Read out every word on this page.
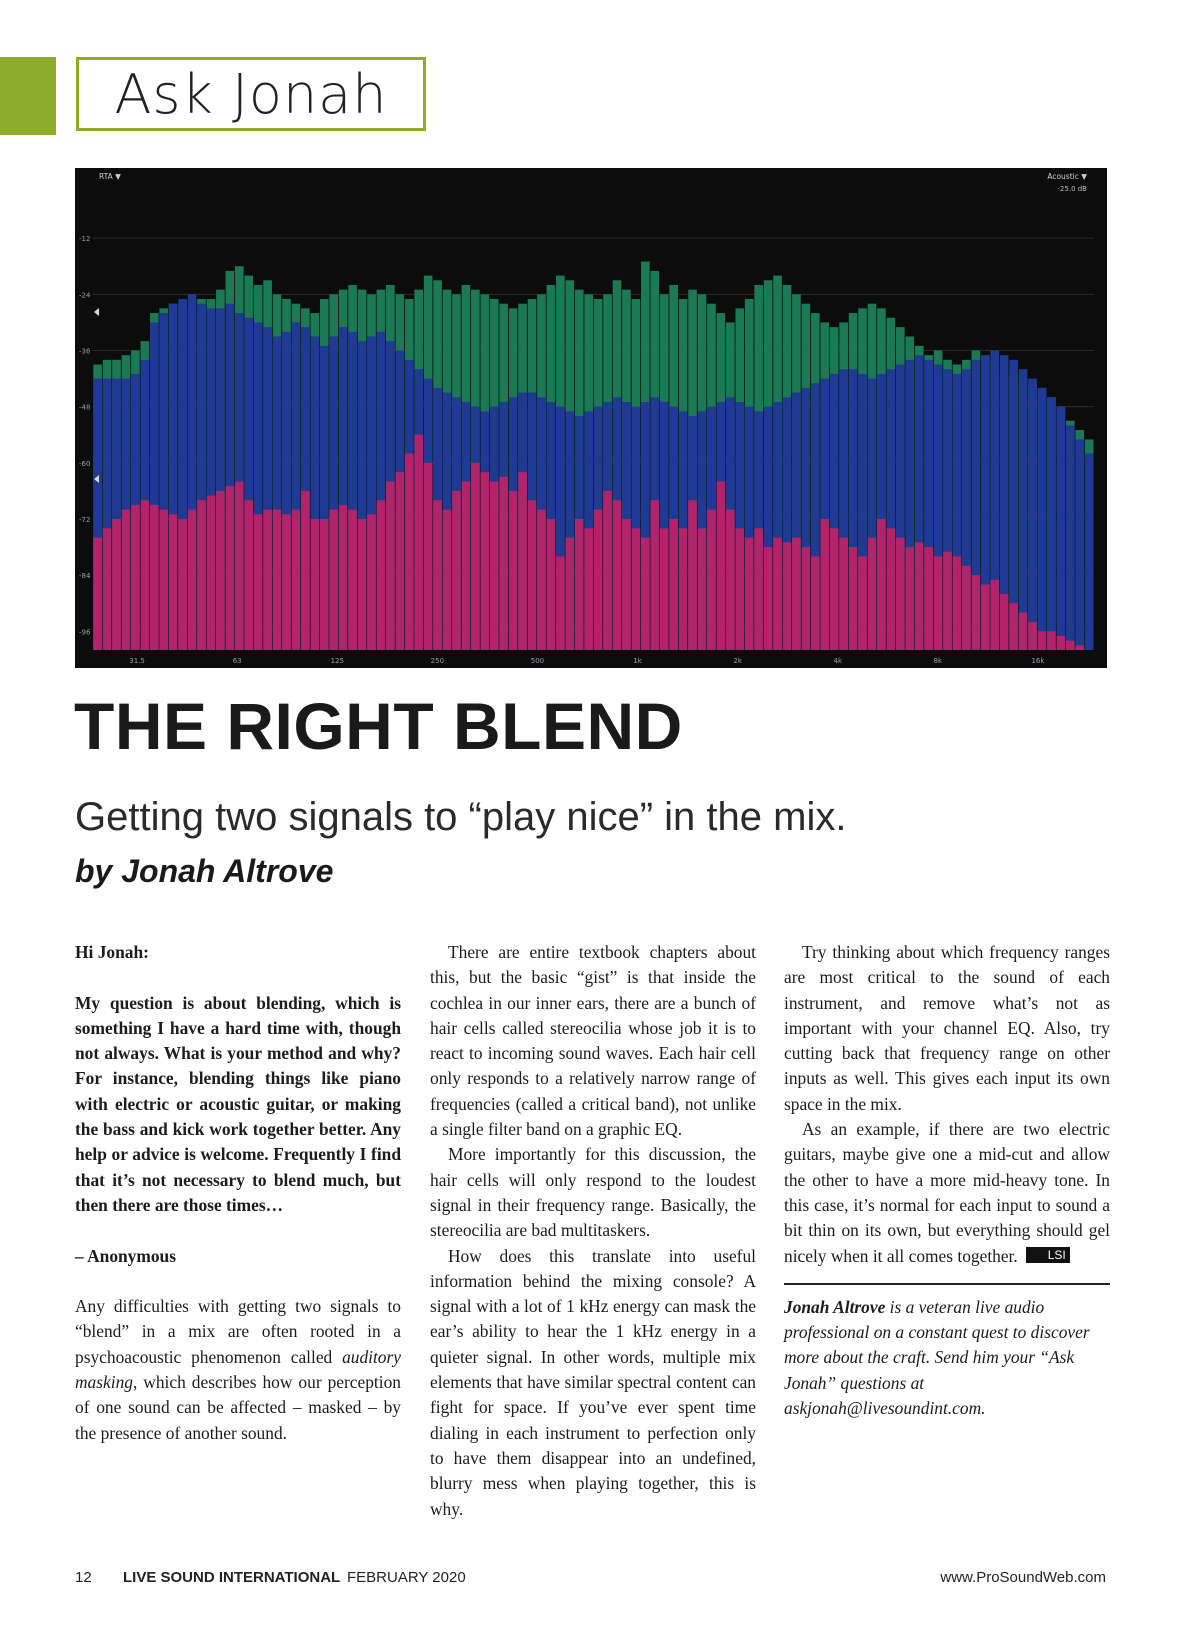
Ask Jonah
-12
-24
-36
-48
-60
-72
-84
-96
31.5	63	125	250	500	1k	2k	4k	8k	16k
RTA ▼	Acoustic ▼
-25.0 dB
THE RIGHT BLEND

Getting two signals to “play nice” in the mix.

by Jonah Altrove

Hi Jonah:

My question is about blending, which is something I have a hard time with, though not always. What is your method and why? For instance, blending things like piano with electric or acoustic guitar, or making the bass and kick work together better. Any help or advice is welcome. Frequently I find that it’s not necessary to blend much, but then there are those times…

– Anonymous

Any difficulties with getting two signals to “blend” in a mix are often rooted in a psychoacoustic phenomenon called auditory masking, which describes how our perception of one sound can be affected – masked – by the presence of another sound.

There are entire textbook chapters about this, but the basic “gist” is that inside the cochlea in our inner ears, there are a bunch of hair cells called stereocilia whose job it is to react to incoming sound waves. Each hair cell only responds to a relatively narrow range of frequencies (called a critical band), not unlike a single filter band on a graphic EQ.

More importantly for this discussion, the hair cells will only respond to the loudest signal in their frequency range. Basically, the stereocilia are bad multitaskers.

How does this translate into useful information behind the mixing console? A signal with a lot of 1 kHz energy can mask the ear’s ability to hear the 1 kHz energy in a quieter signal. In other words, multiple mix elements that have similar spectral content can fight for space. If you’ve ever spent time dialing in each instrument to perfection only to have them disappear into an undefined, blurry mess when playing together, this is why.

Try thinking about which frequency ranges are most critical to the sound of each instrument, and remove what’s not as important with your channel EQ. Also, try cutting back that frequency range on other inputs as well. This gives each input its own space in the mix.

As an example, if there are two electric guitars, maybe give one a mid-cut and allow the other to have a more mid-heavy tone. In this case, it’s normal for each input to sound a bit thin on its own, but everything should gel nicely when it all comes together.	LSI

Jonah Altrove is a veteran live audio professional on a constant quest to discover more about the craft. Send him your “Ask Jonah” questions at askjonah@livesoundint.com.

12 LIVE SOUND INTERNATIONAL FEBRUARY 2020	www.ProSoundWeb.com
